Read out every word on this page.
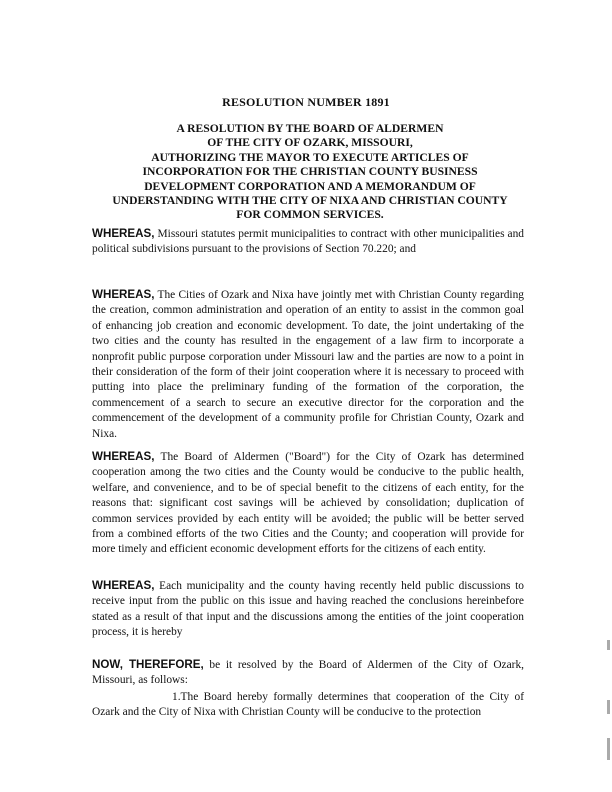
RESOLUTION NUMBER 1891
A RESOLUTION BY THE BOARD OF ALDERMEN
OF THE CITY OF OZARK, MISSOURI,
AUTHORIZING THE MAYOR TO EXECUTE ARTICLES OF
INCORPORATION FOR THE CHRISTIAN COUNTY BUSINESS
DEVELOPMENT CORPORATION AND A MEMORANDUM OF
UNDERSTANDING WITH THE CITY OF NIXA AND CHRISTIAN COUNTY
FOR COMMON SERVICES.

WHEREAS, Missouri statutes permit municipalities to contract with other municipalities and political subdivisions pursuant to the provisions of Section 70.220; and

WHEREAS, The Cities of Ozark and Nixa have jointly met with Christian County regarding the creation, common administration and operation of an entity to assist in the common goal of enhancing job creation and economic development. To date, the joint undertaking of the two cities and the county has resulted in the engagement of a law firm to incorporate a nonprofit public purpose corporation under Missouri law and the parties are now to a point in their consideration of the form of their joint cooperation where it is necessary to proceed with putting into place the preliminary funding of the formation of the corporation, the commencement of a search to secure an executive director for the corporation and the commencement of the development of a community profile for Christian County, Ozark and Nixa.

WHEREAS, The Board of Aldermen ("Board") for the City of Ozark has determined cooperation among the two cities and the County would be conducive to the public health, welfare, and convenience, and to be of special benefit to the citizens of each entity, for the reasons that: significant cost savings will be achieved by consolidation; duplication of common services provided by each entity will be avoided; the public will be better served from a combined efforts of the two Cities and the County; and cooperation will provide for more timely and efficient economic development efforts for the citizens of each entity.

WHEREAS, Each municipality and the county having recently held public discussions to receive input from the public on this issue and having reached the conclusions hereinbefore stated as a result of that input and the discussions among the entities of the joint cooperation process, it is hereby

NOW, THEREFORE, be it resolved by the Board of Aldermen of the City of Ozark, Missouri, as follows:

1.The Board hereby formally determines that cooperation of the City of Ozark and the City of Nixa with Christian County will be conducive to the protection
